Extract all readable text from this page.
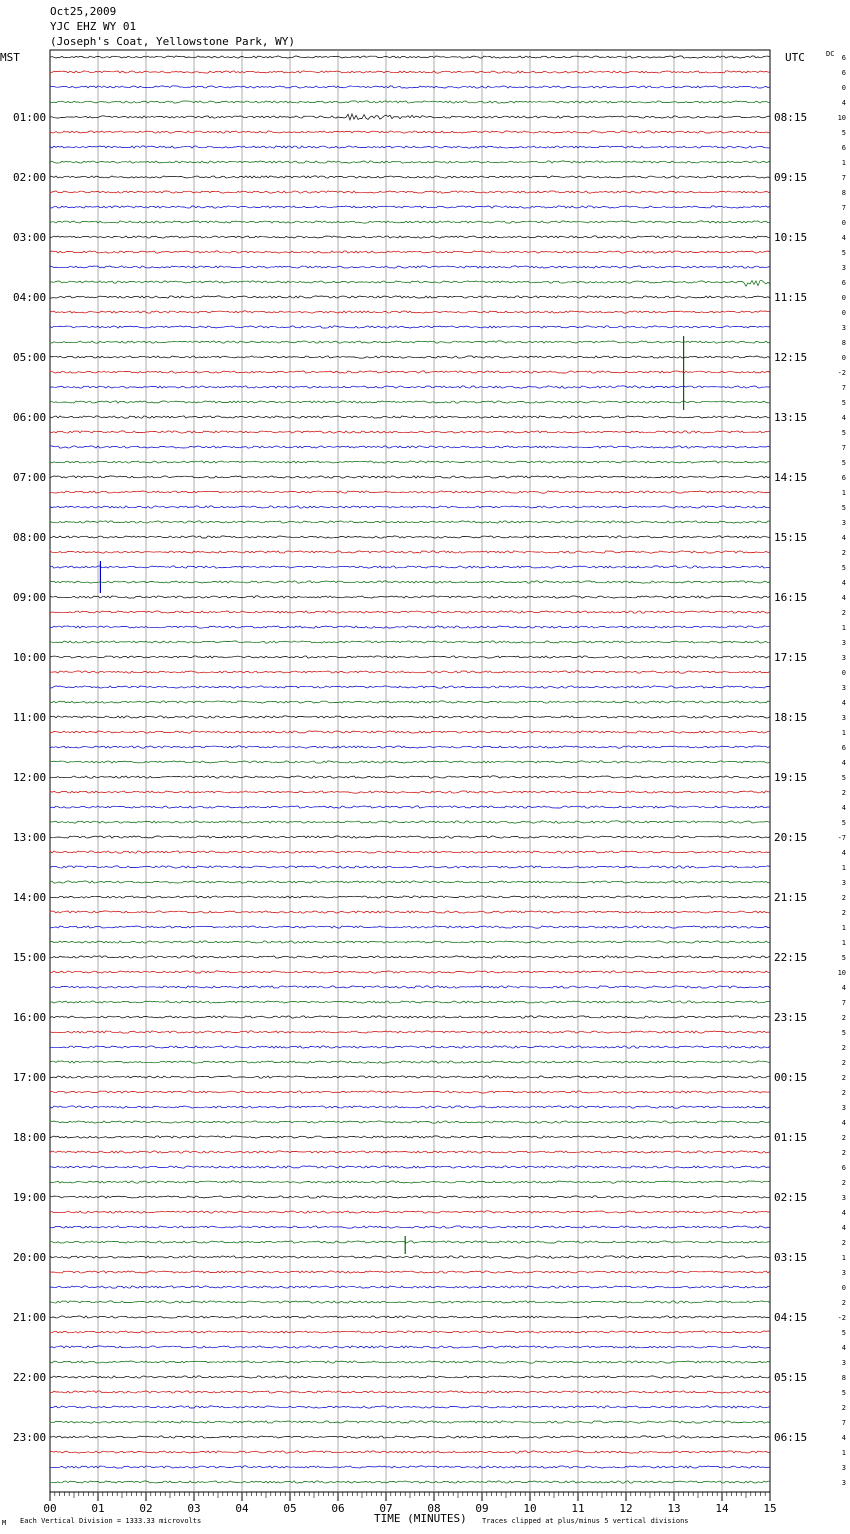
Oct25,2009
YJC EHZ WY 01
(Joseph's Coat, Yellowstone Park, WY)
MST	UTC	DC
01:00
02:00
03:00
04:00
05:00
06:00
07:00
08:00
09:00
10:00
11:00
12:00
13:00
14:00
15:00
16:00
17:00
18:00
19:00
20:00
21:00
22:00
23:00
08:15
09:15
10:15
11:15
12:15
13:15
14:15
15:15
16:15
17:15
18:15
19:15
20:15
21:15
22:15
23:15
00:15
01:15
02:15
03:15
04:15
05:15
06:15
6
6
0
4
10
5
6
1
7
8
7
0
4
5
3
6
0
0
3
8
0
-2
7
5
4
5
7
5
6
1
5
3
4
2
5
4
4
2
1
3
3
0
3
4
3
1
6
4
5
2
4
5
-7
4
1
3
2
2
1
1
5
10
4
7
2
5
2
2
2
2
3
4
2
2
6
2
3
4
4
2
1
3
0
2
-2
5
4
3
8
5
2
7
4
1
3
3
00	01	02	03	04	05	06	07	08	09	10	11	12	13	14	15
Each Vertical Division = 1333.33 microvolts	TIME (MINUTES) Traces clipped at plus/minus 5 vertical divisions
M
